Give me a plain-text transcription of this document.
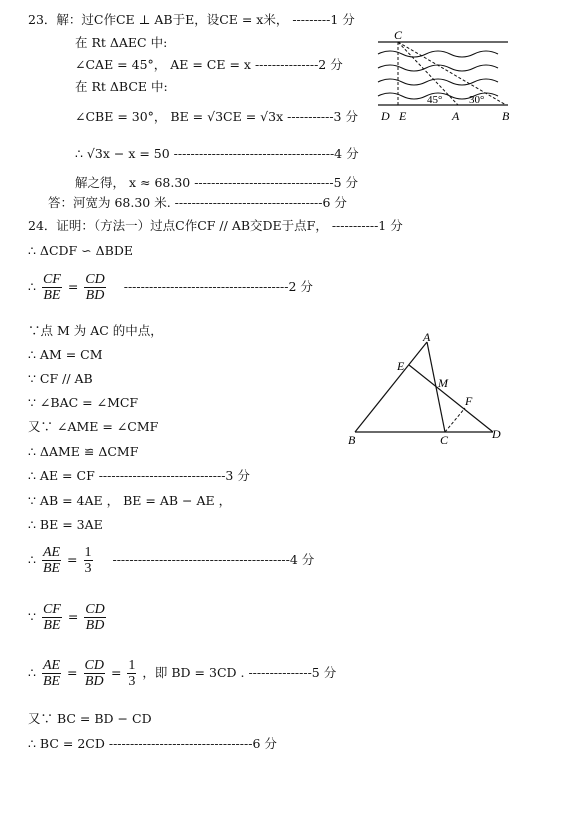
23．解：过C作CE ⊥ AB于E，设CE = x米， ---------1 分
在 Rt ΔAEC 中:
∠CAE = 45°， AE = CE = x ---------------2 分
在 Rt ΔBCE 中:
∠CBE = 30°， BE = √3CE = √3x -----------3 分
∴ √3x − x = 50 --------------------------------------4 分
解之得， x ≈ 68.30 ---------------------------------5 分
答：河宽为 68.30 米. -----------------------------------6 分
C
D E	A	B
45° 30°
24．证明：（方法一）过点C作CF // AB交DE于点F， -----------1 分
∴ ΔCDF ∽ ΔBDE
∴ $\frac{CF}{BE} = \frac{CD}{BD} ---------------------------------------2$ 分
∵点 M 为 AC 的中点，
∴ AM = CM
∵ CF // AB
∵ ∠BAC = ∠MCF
又∵ ∠AME = ∠CMF
∴ ΔAME ≌ ΔCMF
∴ AE = CF ------------------------------3 分
∵ AB = 4AE ， BE = AB − AE ，
∴ BE = 3AE
∴ $\frac{AE}{BE} = \frac{1}{3} ------------------------------------------4$ 分
∵ $\frac{CF}{BE} = \frac{CD}{BD}$
∴ $\frac{AE}{BE} = \frac{CD}{BD} = \frac{1}{3}$ ，即 BD = 3CD . ---------------5 分
又∵ BC = BD − CD
∴ BC = 2CD ----------------------------------6 分
A
E
M
F
B	C	D
